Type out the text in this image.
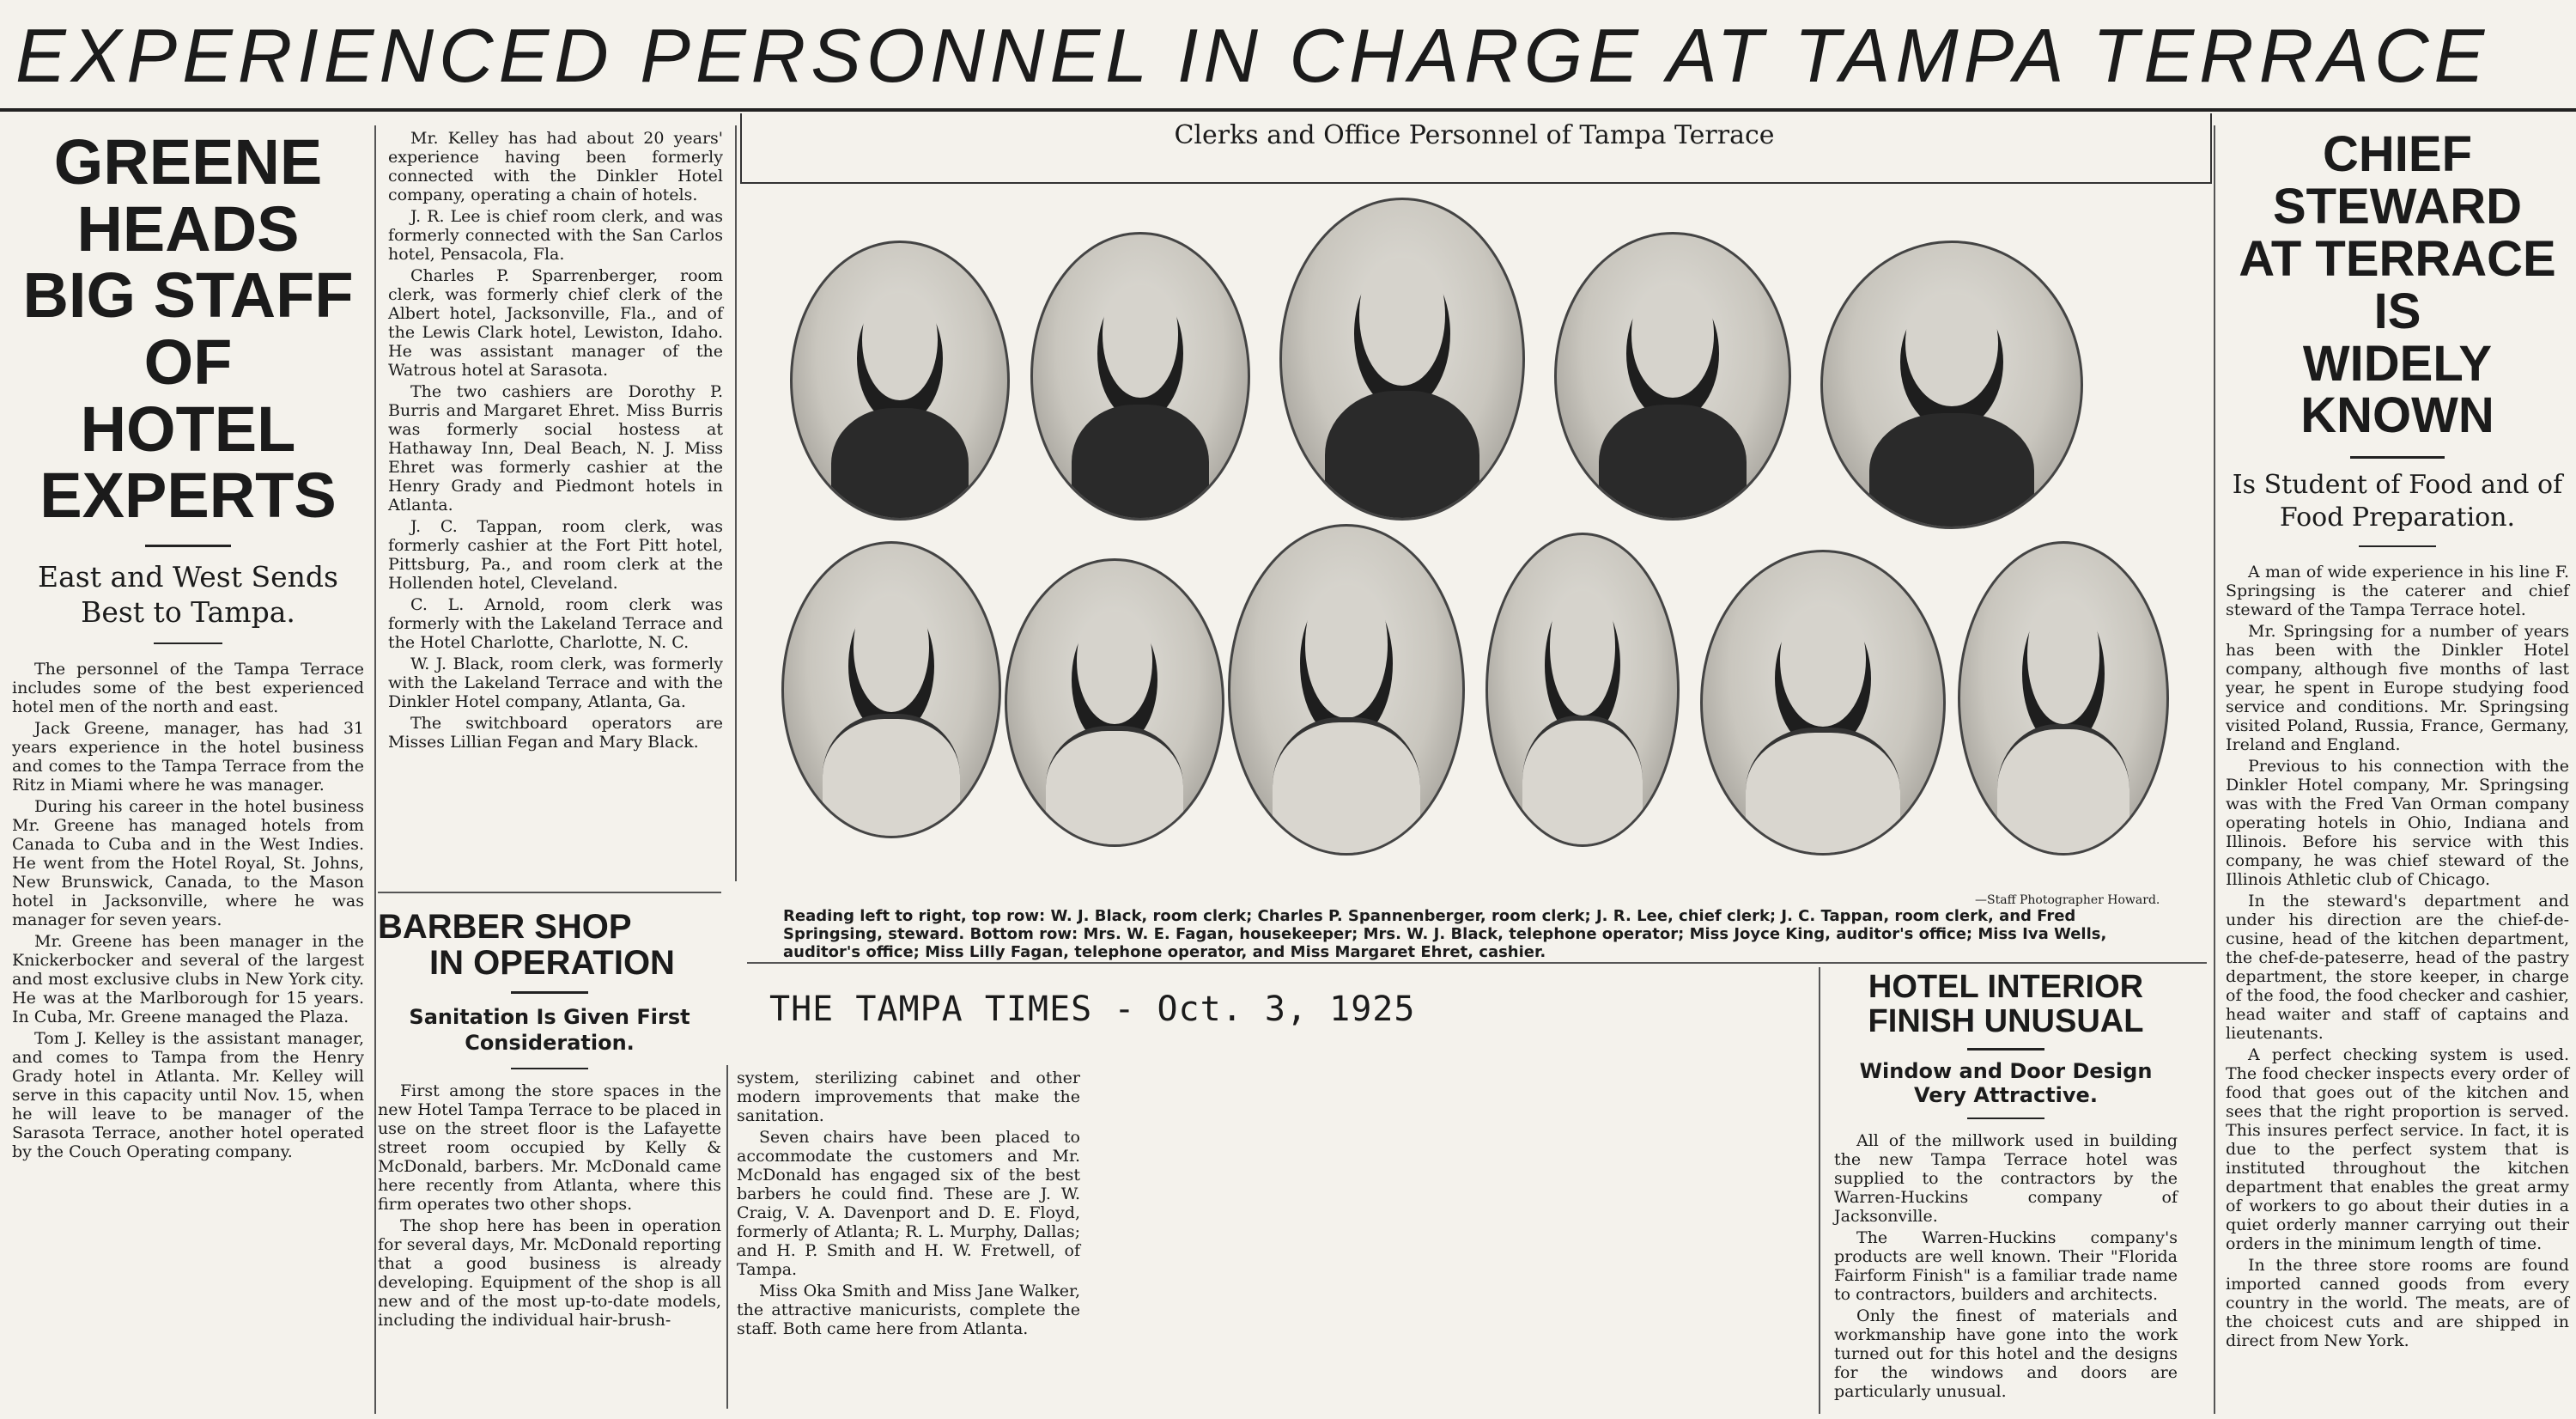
EXPERIENCED PERSONNEL IN CHARGE AT TAMPA TERRACE
GREENE HEADS
BIG STAFF OF
HOTEL EXPERTS
East and West Sends Best to Tampa.

The personnel of the Tampa Terrace includes some of the best experienced hotel men of the north and east.

Jack Greene, manager, has had 31 years experience in the hotel business and comes to the Tampa Terrace from the Ritz in Miami where he was manager.

During his career in the hotel business Mr. Greene has managed hotels from Canada to Cuba and in the West Indies. He went from the Hotel Royal, St. Johns, New Brunswick, Canada, to the Mason hotel in Jacksonville, where he was manager for seven years.

Mr. Greene has been manager in the Knickerbocker and several of the largest and most exclusive clubs in New York city. He was at the Marlborough for 15 years. In Cuba, Mr. Greene managed the Plaza.

Tom J. Kelley is the assistant manager, and comes to Tampa from the Henry Grady hotel in Atlanta. Mr. Kelley will serve in this capacity until Nov. 15, when he will leave to be manager of the Sarasota Terrace, another hotel operated by the Couch Operating company.

Mr. Kelley has had about 20 years' experience having been formerly connected with the Dinkler Hotel company, operating a chain of hotels.

J. R. Lee is chief room clerk, and was formerly connected with the San Carlos hotel, Pensacola, Fla.

Charles P. Sparrenberger, room clerk, was formerly chief clerk of the Albert hotel, Jacksonville, Fla., and of the Lewis Clark hotel, Lewiston, Idaho. He was assistant manager of the Watrous hotel at Sarasota.

The two cashiers are Dorothy P. Burris and Margaret Ehret. Miss Burris was formerly social hostess at Hathaway Inn, Deal Beach, N. J. Miss Ehret was formerly cashier at the Henry Grady and Piedmont hotels in Atlanta.

J. C. Tappan, room clerk, was formerly cashier at the Fort Pitt hotel, Pittsburg, Pa., and room clerk at the Hollenden hotel, Cleveland.

C. L. Arnold, room clerk was formerly with the Lakeland Terrace and the Hotel Charlotte, Charlotte, N. C.

W. J. Black, room clerk, was formerly with the Lakeland Terrace and with the Dinkler Hotel company, Atlanta, Ga.

The switchboard operators are Misses Lillian Fegan and Mary Black.

BARBER SHOP
IN OPERATION
Sanitation Is Given First Consideration.

First among the store spaces in the new Hotel Tampa Terrace to be placed in use on the street floor is the Lafayette street room occupied by Kelly & McDonald, barbers. Mr. McDonald came here recently from Atlanta, where this firm operates two other shops.

The shop here has been in operation for several days, Mr. McDonald reporting that a good business is already developing. Equipment of the shop is all new and of the most up-to-date models, including the individual hair-brush-

system, sterilizing cabinet and other modern improvements that make the sanitation.

Seven chairs have been placed to accommodate the customers and Mr. McDonald has engaged six of the best barbers he could find. These are J. W. Craig, V. A. Davenport and D. E. Floyd, formerly of Atlanta; R. L. Murphy, Dallas; and H. P. Smith and H. W. Fretwell, of Tampa.

Miss Oka Smith and Miss Jane Walker, the attractive manicurists, complete the staff. Both came here from Atlanta.

THE TAMPA TIMES - Oct. 3, 1925
Clerks and Office Personnel of Tampa Terrace
—Staff Photographer Howard.
Reading left to right, top row: W. J. Black, room clerk; Charles P. Spannenberger, room clerk; J. R. Lee, chief clerk; J. C. Tappan, room clerk, and Fred Springsing, steward. Bottom row: Mrs. W. E. Fagan, housekeeper; Mrs. W. J. Black, telephone operator; Miss Joyce King, auditor's office; Miss Iva Wells, auditor's office; Miss Lilly Fagan, telephone operator, and Miss Margaret Ehret, cashier.
HOTEL INTERIOR
FINISH UNUSUAL
Window and Door Design Very Attractive.

All of the millwork used in building the new Tampa Terrace hotel was supplied to the contractors by the Warren-Huckins company of Jacksonville.

The Warren-Huckins company's products are well known. Their "Florida Fairform Finish" is a familiar trade name to contractors, builders and architects.

Only the finest of materials and workmanship have gone into the work turned out for this hotel and the designs for the windows and doors are particularly unusual.

CHIEF STEWARD
AT TERRACE IS
WIDELY KNOWN
Is Student of Food and of Food Preparation.

A man of wide experience in his line F. Springsing is the caterer and chief steward of the Tampa Terrace hotel.

Mr. Springsing for a number of years has been with the Dinkler Hotel company, although five months of last year, he spent in Europe studying food service and conditions. Mr. Springsing visited Poland, Russia, France, Germany, Ireland and England.

Previous to his connection with the Dinkler Hotel company, Mr. Springsing was with the Fred Van Orman company operating hotels in Ohio, Indiana and Illinois. Before his service with this company, he was chief steward of the Illinois Athletic club of Chicago.

In the steward's department and under his direction are the chief-de-cusine, head of the kitchen department, the chef-de-pateserre, head of the pastry department, the store keeper, in charge of the food, the food checker and cashier, head waiter and staff of captains and lieutenants.

A perfect checking system is used. The food checker inspects every order of food that goes out of the kitchen and sees that the right proportion is served. This insures perfect service. In fact, it is due to the perfect system that is instituted throughout the kitchen department that enables the great army of workers to go about their duties in a quiet orderly manner carrying out their orders in the minimum length of time.

In the three store rooms are found imported canned goods from every country in the world. The meats, are of the choicest cuts and are shipped in direct from New York.
